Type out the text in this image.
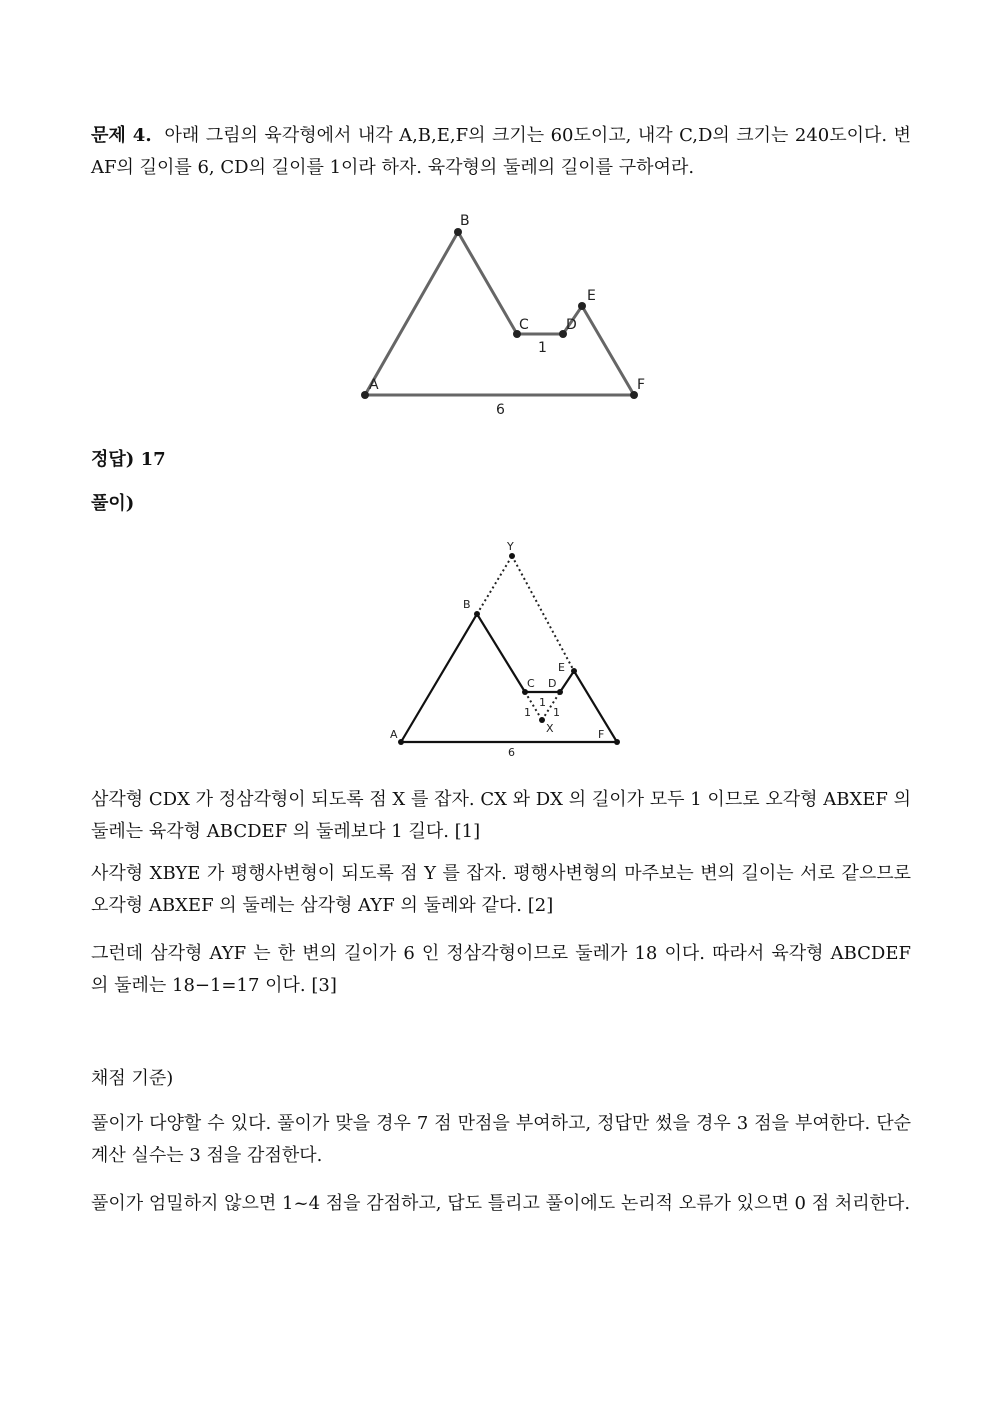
문제 4. 아래 그림의 육각형에서 내각 A,B,E,F의 크기는 60도이고, 내각 C,D의 크기는 240도이다. 변 AF의 길이를 6, CD의 길이를 1이라 하자. 육각형의 둘레의 길이를 구하여라.
A
B
C	D
E
F
1
6
정답) 17
풀이)
A
B
C D
E
F
X
Y
1
1 1
6
삼각형 CDX 가 정삼각형이 되도록 점 X 를 잡자. CX 와 DX 의 길이가 모두 1 이므로 오각형 ABXEF 의 둘레는 육각형 ABCDEF 의 둘레보다 1 길다. [1]
사각형 XBYE 가 평행사변형이 되도록 점 Y 를 잡자. 평행사변형의 마주보는 변의 길이는 서로 같으므로 오각형 ABXEF 의 둘레는 삼각형 AYF 의 둘레와 같다. [2]
그런데 삼각형 AYF 는 한 변의 길이가 6 인 정삼각형이므로 둘레가 18 이다. 따라서 육각형 ABCDEF 의 둘레는 18−1=17 이다. [3]
채점 기준)
풀이가 다양할 수 있다. 풀이가 맞을 경우 7 점 만점을 부여하고, 정답만 썼을 경우 3 점을 부여한다. 단순 계산 실수는 3 점을 감점한다.
풀이가 엄밀하지 않으면 1~4 점을 감점하고, 답도 틀리고 풀이에도 논리적 오류가 있으면 0 점 처리한다.
